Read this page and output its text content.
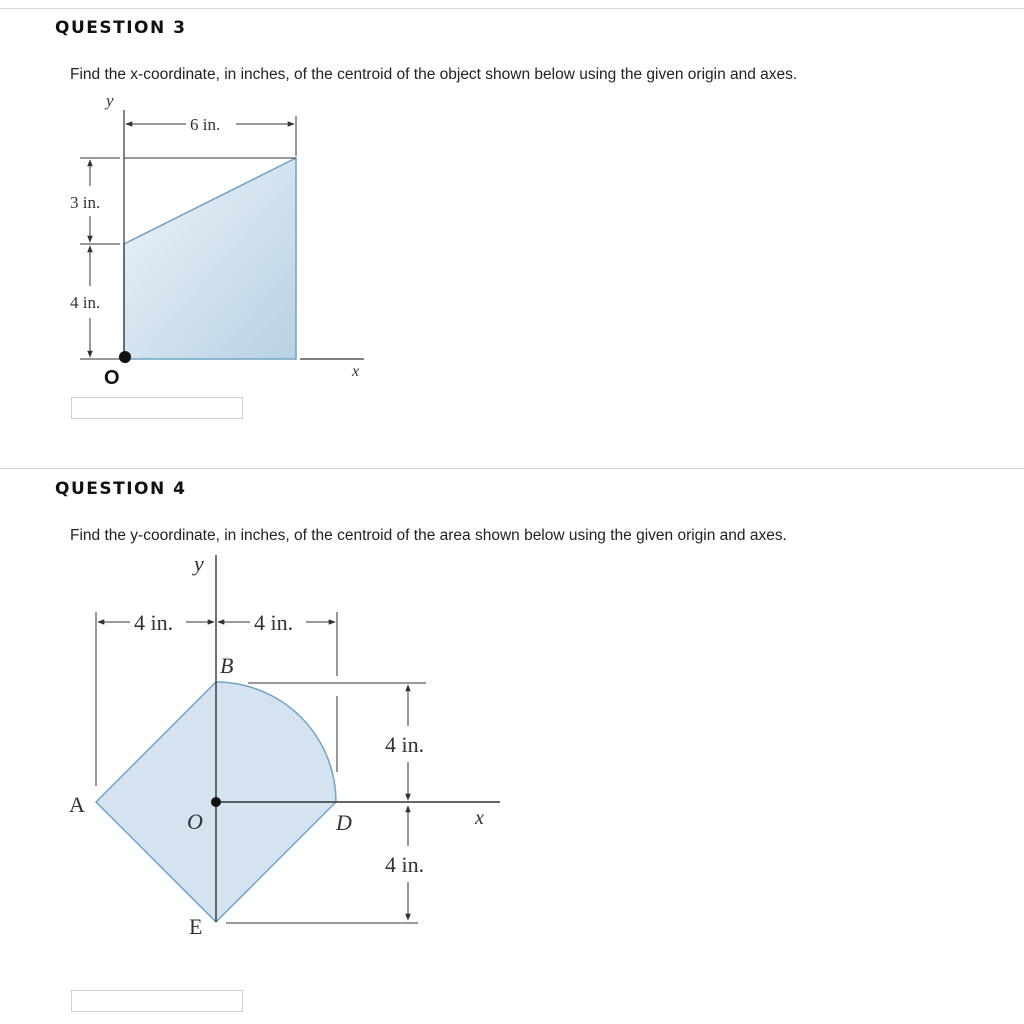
QUESTION 3
Find the x-coordinate, in inches, of the centroid of the object shown below using the given origin and axes.
y
x
6 in.
3 in.
4 in.
O
QUESTION 4
Find the y-coordinate, in inches, of the centroid of the area shown below using the given origin and axes.
y
x
4 in.	4 in.
4 in.
4 in.
A
B
O	D
E
